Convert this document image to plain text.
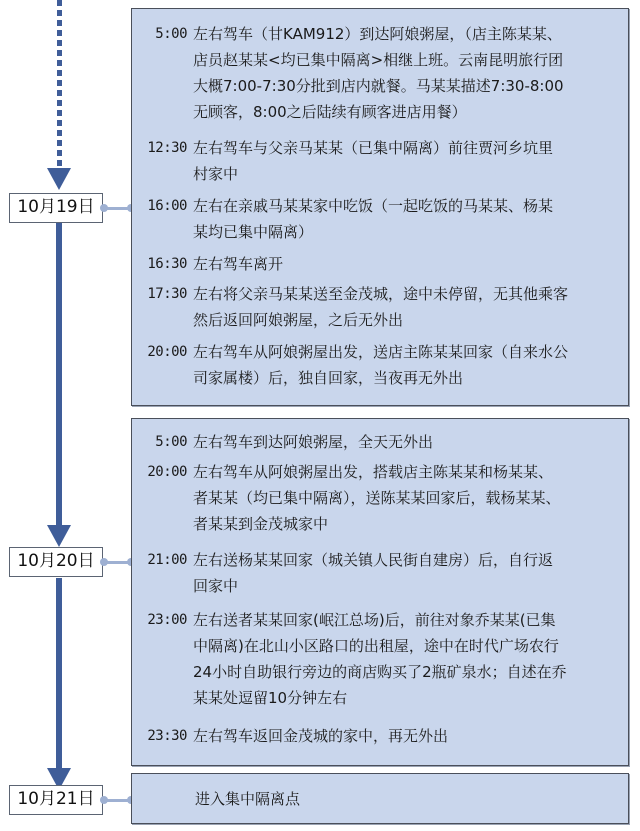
10月19日
10月20日
10月21日
5:00 左右驾车（甘KAM912）到达阿娘粥屋，（店主陈某某、
店员赵某某<均已集中隔离>相继上班。云南昆明旅行团
大概7:00-7:30分批到店内就餐。马某某描述7:30-8:00
无顾客，8:00之后陆续有顾客进店用餐）
12:30 左右驾车与父亲马某某（已集中隔离）前往贾河乡坑里
村家中
16:00 左右在亲戚马某某家中吃饭（一起吃饭的马某某、杨某
某均已集中隔离）
16:30 左右驾车离开
17:30 左右将父亲马某某送至金茂城，途中未停留，无其他乘客
然后返回阿娘粥屋，之后无外出
20:00 左右驾车从阿娘粥屋出发，送店主陈某某回家（自来水公
司家属楼）后，独自回家，当夜再无外出
5:00 左右驾车到达阿娘粥屋，全天无外出
20:00 左右驾车从阿娘粥屋出发，搭载店主陈某某和杨某某、
者某某（均已集中隔离），送陈某某回家后，载杨某某、
者某某到金茂城家中
21:00 左右送杨某某回家（城关镇人民街自建房）后，自行返
回家中
23:00 左右送者某某回家(岷江总场)后，前往对象乔某某(已集
中隔离)在北山小区路口的出租屋，途中在时代广场农行
24小时自助银行旁边的商店购买了2瓶矿泉水；自述在乔
某某处逗留10分钟左右
23:30 左右驾车返回金茂城的家中，再无外出
进入集中隔离点
